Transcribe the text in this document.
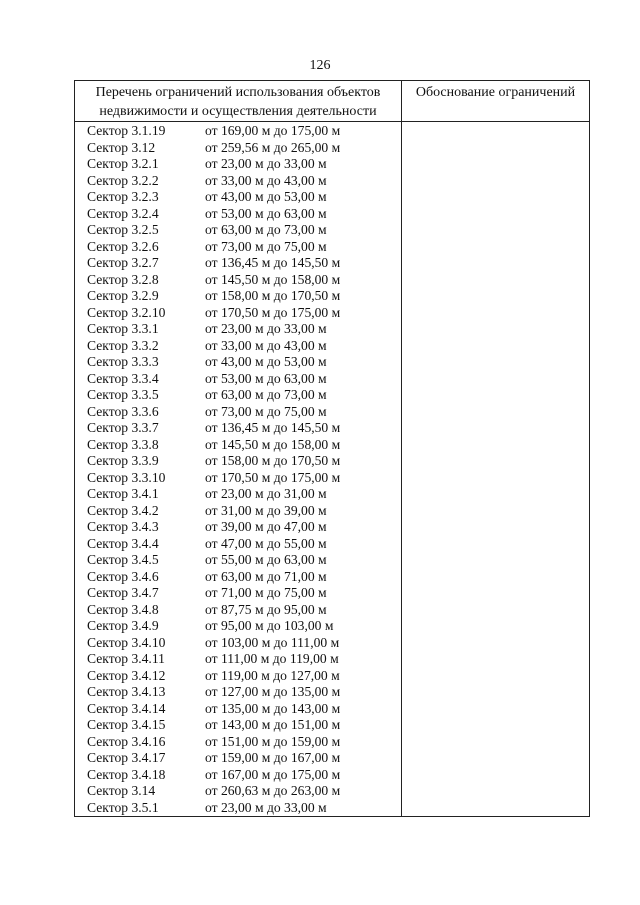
126
Перечень ограничений использования объектов
недвижимости и осуществления деятельности
Обоснование ограничений
Сектор 3.1.19	от 169,00 м до 175,00 м
Сектор 3.12	от 259,56 м до 265,00 м
Сектор 3.2.1	от 23,00 м до 33,00 м
Сектор 3.2.2	от 33,00 м до 43,00 м
Сектор 3.2.3	от 43,00 м до 53,00 м
Сектор 3.2.4	от 53,00 м до 63,00 м
Сектор 3.2.5	от 63,00 м до 73,00 м
Сектор 3.2.6	от 73,00 м до 75,00 м
Сектор 3.2.7	от 136,45 м до 145,50 м
Сектор 3.2.8	от 145,50 м до 158,00 м
Сектор 3.2.9	от 158,00 м до 170,50 м
Сектор 3.2.10	от 170,50 м до 175,00 м
Сектор 3.3.1	от 23,00 м до 33,00 м
Сектор 3.3.2	от 33,00 м до 43,00 м
Сектор 3.3.3	от 43,00 м до 53,00 м
Сектор 3.3.4	от 53,00 м до 63,00 м
Сектор 3.3.5	от 63,00 м до 73,00 м
Сектор 3.3.6	от 73,00 м до 75,00 м
Сектор 3.3.7	от 136,45 м до 145,50 м
Сектор 3.3.8	от 145,50 м до 158,00 м
Сектор 3.3.9	от 158,00 м до 170,50 м
Сектор 3.3.10	от 170,50 м до 175,00 м
Сектор 3.4.1	от 23,00 м до 31,00 м
Сектор 3.4.2	от 31,00 м до 39,00 м
Сектор 3.4.3	от 39,00 м до 47,00 м
Сектор 3.4.4	от 47,00 м до 55,00 м
Сектор 3.4.5	от 55,00 м до 63,00 м
Сектор 3.4.6	от 63,00 м до 71,00 м
Сектор 3.4.7	от 71,00 м до 75,00 м
Сектор 3.4.8	от 87,75 м до 95,00 м
Сектор 3.4.9	от 95,00 м до 103,00 м
Сектор 3.4.10	от 103,00 м до 111,00 м
Сектор 3.4.11	от 111,00 м до 119,00 м
Сектор 3.4.12	от 119,00 м до 127,00 м
Сектор 3.4.13	от 127,00 м до 135,00 м
Сектор 3.4.14	от 135,00 м до 143,00 м
Сектор 3.4.15	от 143,00 м до 151,00 м
Сектор 3.4.16	от 151,00 м до 159,00 м
Сектор 3.4.17	от 159,00 м до 167,00 м
Сектор 3.4.18	от 167,00 м до 175,00 м
Сектор 3.14	от 260,63 м до 263,00 м
Сектор 3.5.1	от 23,00 м до 33,00 м
